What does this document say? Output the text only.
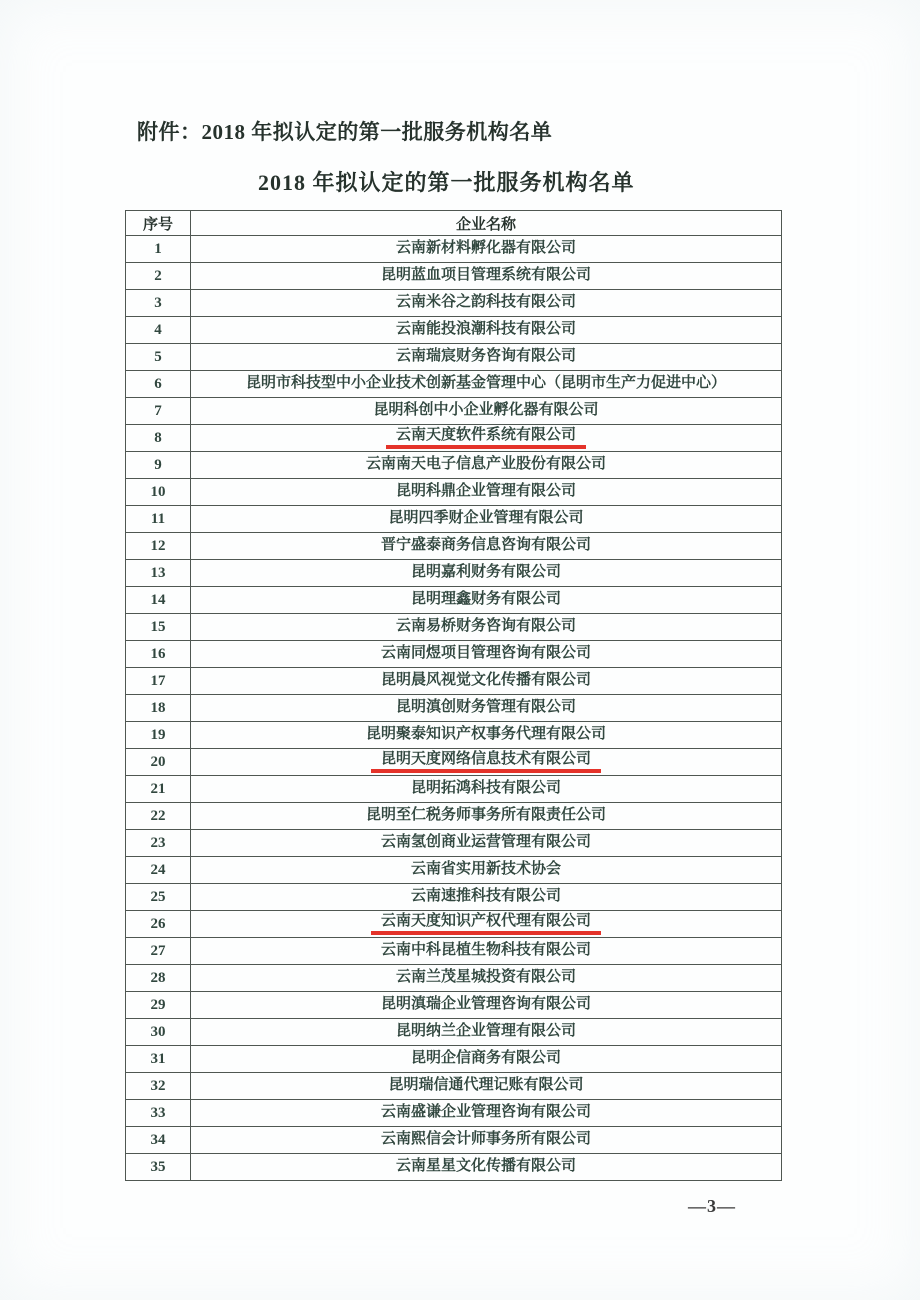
附件：2018 年拟认定的第一批服务机构名单
2018 年拟认定的第一批服务机构名单
序号	企业名称
1	云南新材料孵化器有限公司
2	昆明蓝血项目管理系统有限公司
3	云南米谷之韵科技有限公司
4	云南能投浪潮科技有限公司
5	云南瑞宸财务咨询有限公司
6	昆明市科技型中小企业技术创新基金管理中心（昆明市生产力促进中心）
7	昆明科创中小企业孵化器有限公司
8	云南天度软件系统有限公司
9	云南南天电子信息产业股份有限公司
10	昆明科鼎企业管理有限公司
11	昆明四季财企业管理有限公司
12	晋宁盛泰商务信息咨询有限公司
13	昆明嘉利财务有限公司
14	昆明理鑫财务有限公司
15	云南易桥财务咨询有限公司
16	云南同煜项目管理咨询有限公司
17	昆明晨风视觉文化传播有限公司
18	昆明滇创财务管理有限公司
19	昆明聚泰知识产权事务代理有限公司
20	昆明天度网络信息技术有限公司
21	昆明拓鸿科技有限公司
22	昆明至仁税务师事务所有限责任公司
23	云南氢创商业运营管理有限公司
24	云南省实用新技术协会
25	云南速推科技有限公司
26	云南天度知识产权代理有限公司
27	云南中科昆植生物科技有限公司
28	云南兰茂星城投资有限公司
29	昆明滇瑞企业管理咨询有限公司
30	昆明纳兰企业管理有限公司
31	昆明企信商务有限公司
32	昆明瑞信通代理记账有限公司
33	云南盛谦企业管理咨询有限公司
34	云南熙信会计师事务所有限公司
35	云南星星文化传播有限公司
—3—
